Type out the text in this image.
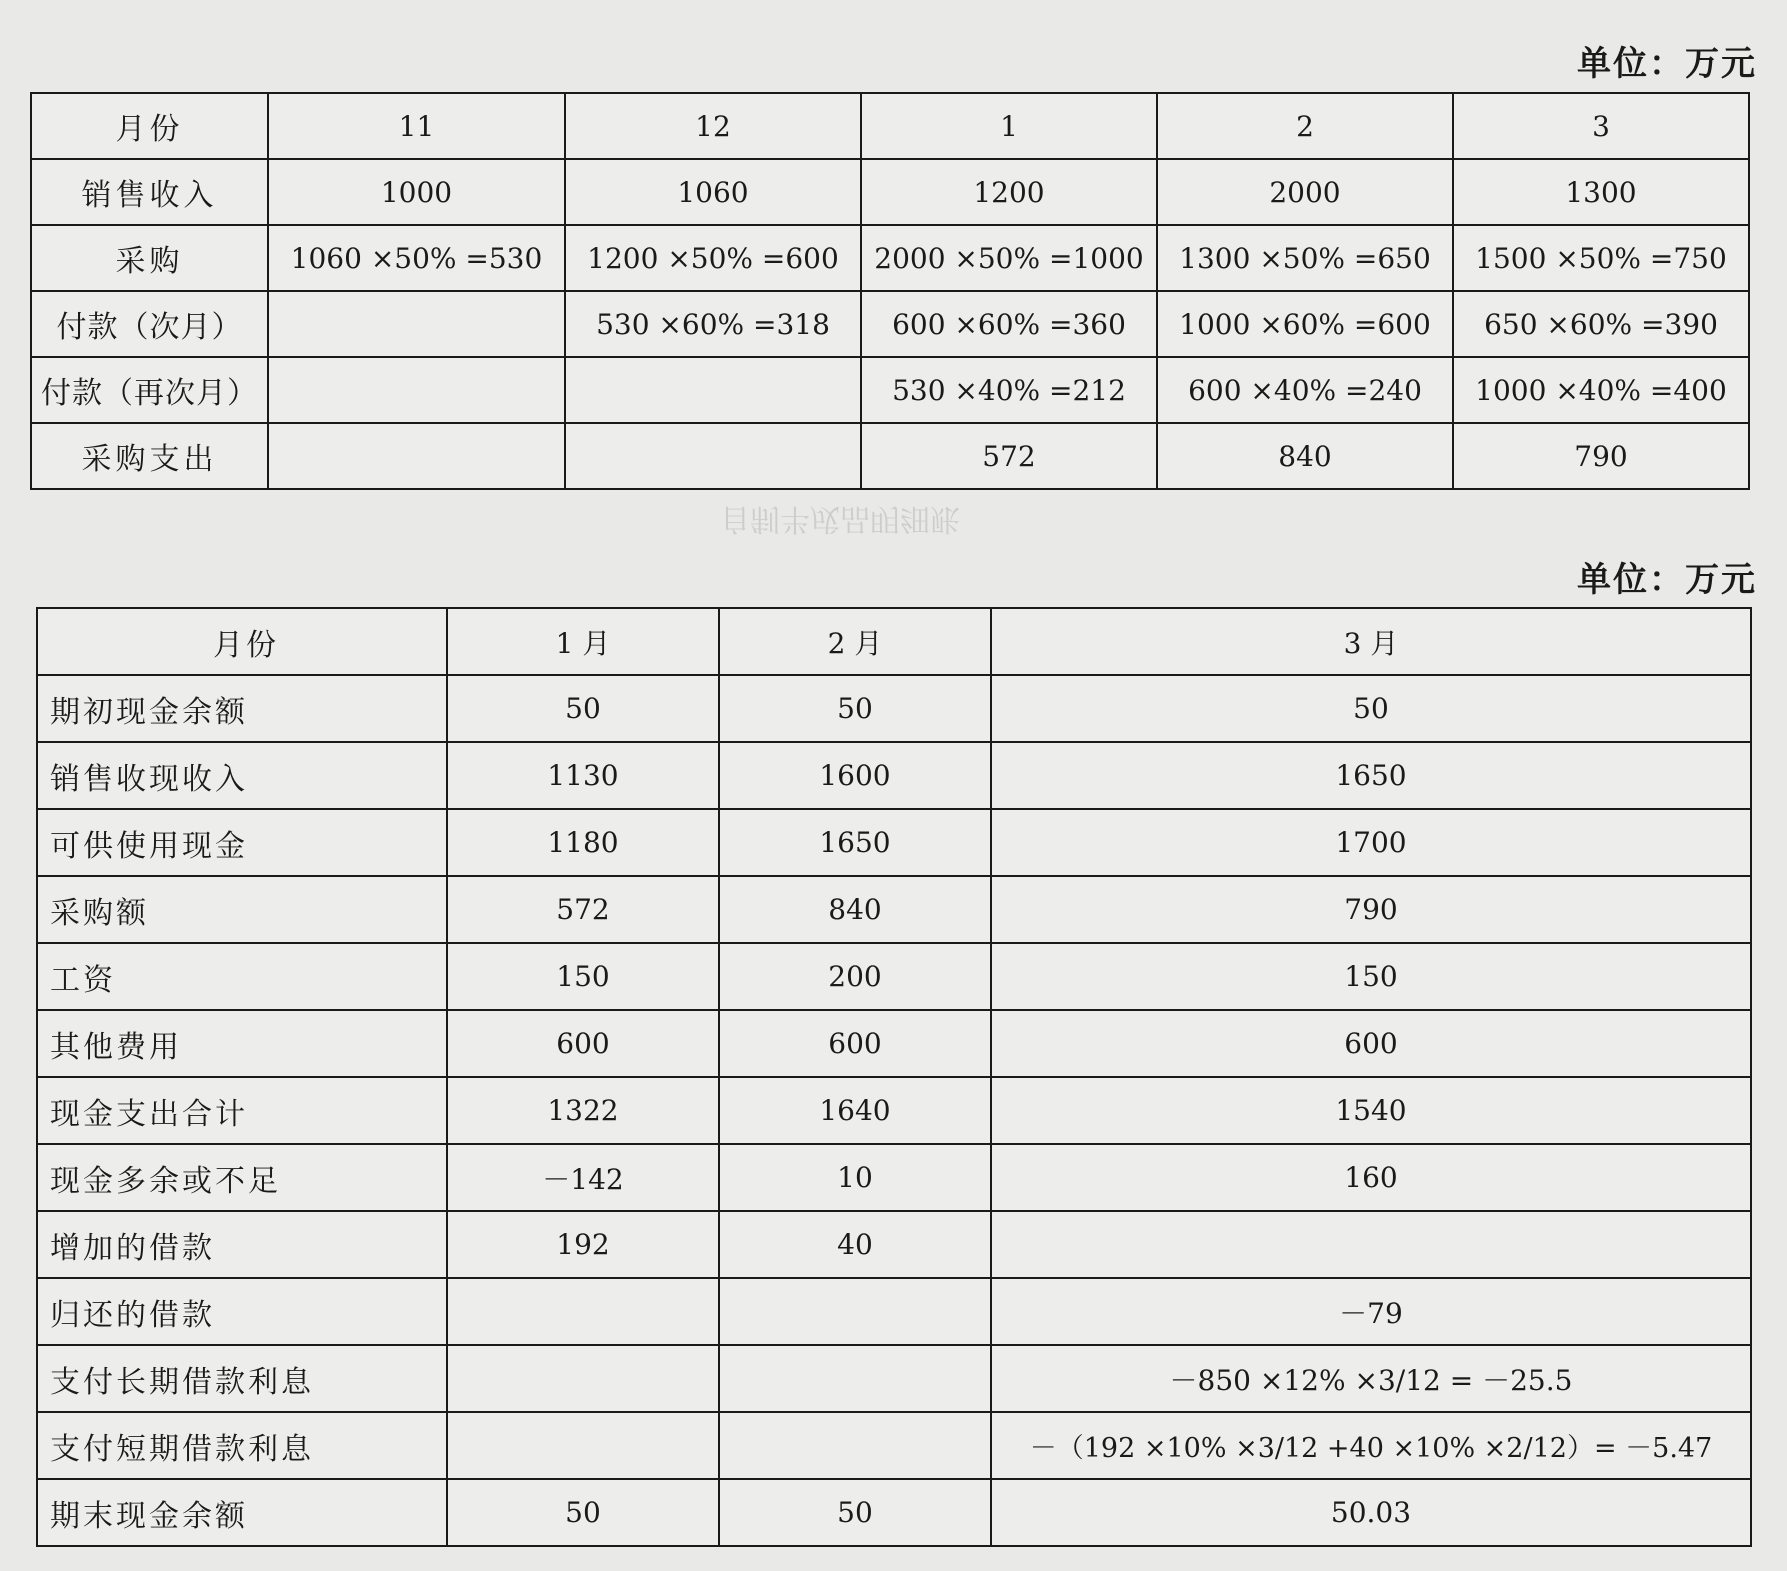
自制半成品明细账
单位：万元
月份	11	12	1	2	3
销售收入	1000	1060	1200	2000	1300
采购	1060 ×50% =530	1200 ×50% =600	2000 ×50% =1000	1300 ×50% =650	1500 ×50% =750
付款（次月）		530 ×60% =318	600 ×60% =360	1000 ×60% =600	650 ×60% =390
付款（再次月）			530 ×40% =212	600 ×40% =240	1000 ×40% =400
采购支出			572	840	790
单位：万元
月份	1 月	2 月	3 月
期初现金余额	50	50	50
销售收现收入	1130	1600	1650
可供使用现金	1180	1650	1700
采购额	572	840	790
工资	150	200	150
其他费用	600	600	600
现金支出合计	1322	1640	1540
现金多余或不足	－142	10	160
增加的借款	192	40	
归还的借款			－79
支付长期借款利息			－850 ×12% ×3/12 = －25.5
支付短期借款利息			－（192 ×10% ×3/12 +40 ×10% ×2/12）= －5.47
期末现金余额	50	50	50.03
